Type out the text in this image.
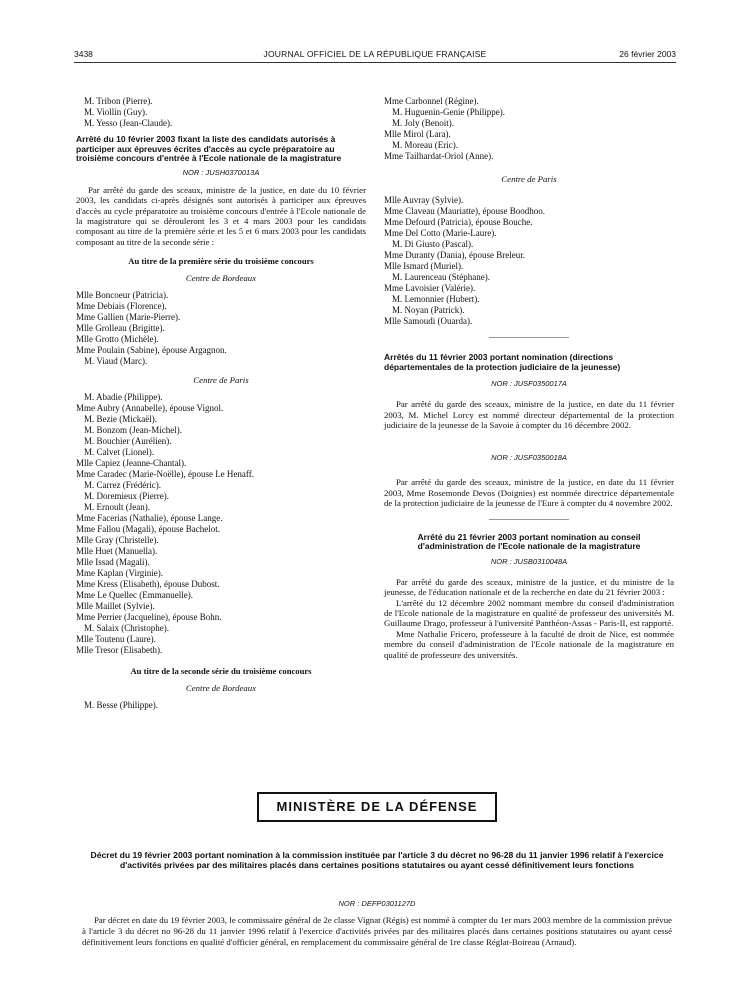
3438	JOURNAL OFFICIEL DE LA RÉPUBLIQUE FRANÇAISE	26 février 2003

M. Tribon (Pierre).

M. Viollin (Guy).

M. Yesso (Jean-Claude).

Arrêté du 10 février 2003 fixant la liste des candidats autorisés à participer aux épreuves écrites d'accès au cycle préparatoire au troisième concours d'entrée à l'Ecole nationale de la magistrature

NOR : JUSH0370013A

Par arrêté du garde des sceaux, ministre de la justice, en date du 10 février 2003, les candidats ci-après désignés sont autorisés à participer aux épreuves d'accès au cycle préparatoire au troisième concours d'entrée à l'Ecole nationale de la magistrature qui se dérouleront les 3 et 4 mars 2003 pour les candidats composant au titre de la première série et les 5 et 6 mars 2003 pour les candidats composant au titre de la seconde série :

Au titre de la première série du troisième concours

Centre de Bordeaux

Mlle Boncoeur (Patricia).

Mme Debiais (Florence).

Mme Gallien (Marie-Pierre).

Mlle Grolleau (Brigitte).

Mlle Grotto (Michèle).

Mme Poulain (Sabine), épouse Argagnon.

M. Viaud (Marc).

Centre de Paris

M. Abadie (Philippe).

Mme Aubry (Annabelle), épouse Vignol.

M. Bezie (Mickaël).

M. Bonzom (Jean-Michel).

M. Bouchier (Aurélien).

M. Calvet (Lionel).

Mlle Capiez (Jeanne-Chantal).

Mme Caradec (Marie-Noëlle), épouse Le Henaff.

M. Carrez (Frédéric).

M. Doremieux (Pierre).

M. Ernoult (Jean).

Mme Facerias (Nathalie), épouse Lange.

Mme Fallou (Magali), épouse Bachelot.

Mlle Gray (Christelle).

Mlle Huet (Manuella).

Mlle Issad (Magali).

Mme Kaplan (Virginie).

Mme Kress (Elisabeth), épouse Dubost.

Mme Le Quellec (Emmanuelle).

Mlle Maillet (Sylvie).

Mme Perrier (Jacqueline), épouse Bohn.

M. Salaix (Christophe).

Mlle Toutenu (Laure).

Mlle Tresor (Elisabeth).

Au titre de la seconde série du troisième concours

Centre de Bordeaux

M. Besse (Philippe).

Mme Carbonnel (Régine).

M. Huguenin-Genie (Philippe).

M. Joly (Benoit).

Mlle Mirol (Lara).

M. Moreau (Eric).

Mme Tailhardat-Oriol (Anne).

Centre de Paris

Mlle Auvray (Sylvie).

Mme Claveau (Mauriatte), épouse Boodhoo.

Mme Defourd (Patricia), épouse Bouche.

Mme Del Cotto (Marie-Laure).

M. Di Giusto (Pascal).

Mme Duranty (Dania), épouse Breleur.

Mlle Ismard (Muriel).

M. Laurenceau (Stéphane).

Mme Lavoisier (Valérie).

M. Lemonnier (Hubert).

M. Noyan (Patrick).

Mlle Samoudi (Ouarda).

Arrêtés du 11 février 2003 portant nomination (directions départementales de la protection judiciaire de la jeunesse)

NOR : JUSF0350017A

Par arrêté du garde des sceaux, ministre de la justice, en date du 11 février 2003, M. Michel Lorcy est nommé directeur départemental de la protection judiciaire de la jeunesse de la Savoie à compter du 16 décembre 2002.

NOR : JUSF0350018A

Par arrêté du garde des sceaux, ministre de la justice, en date du 11 février 2003, Mme Rosemonde Devos (Doignies) est nommée directrice départementale de la protection judiciaire de la jeunesse de l'Eure à compter du 4 novembre 2002.

Arrêté du 21 février 2003 portant nomination au conseil d'administration de l'Ecole nationale de la magistrature

NOR : JUSB0310048A

Par arrêté du garde des sceaux, ministre de la justice, et du ministre de la jeunesse, de l'éducation nationale et de la recherche en date du 21 février 2003 :

L'arrêté du 12 décembre 2002 nommant membre du conseil d'administration de l'Ecole nationale de la magistrature en qualité de professeur des universités M. Guillaume Drago, professeur à l'université Panthéon-Assas - Paris-II, est rapporté.

Mme Nathalie Fricero, professeure à la faculté de droit de Nice, est nommée membre du conseil d'administration de l'Ecole nationale de la magistrature en qualité de professeure des universités.

MINISTÈRE DE LA DÉFENSE

Décret du 19 février 2003 portant nomination à la commission instituée par l'article 3 du décret no 96-28 du 11 janvier 1996 relatif à l'exercice d'activités privées par des militaires placés dans certaines positions statutaires ou ayant cessé définitivement leurs fonctions

NOR : DEFP0301127D

Par décret en date du 19 février 2003, le commissaire général de 2e classe Vignat (Régis) est nommé à compter du 1er mars 2003 membre de la commission prévue à l'article 3 du décret no 96-28 du 11 janvier 1996 relatif à l'exercice d'activités privées par des militaires placés dans certaines positions statutaires ou ayant cessé définitivement leurs fonctions en qualité d'officier général, en remplacement du commissaire général de 1re classe Réglat-Boireau (Arnaud).
